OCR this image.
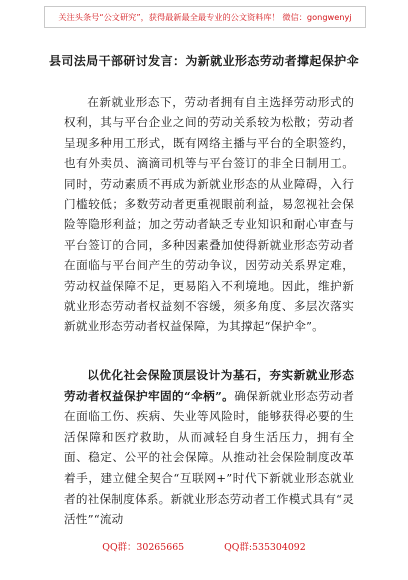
关注头条号“公文研究”，获得最新最全最专业的公文资料库！ 微信：gongwenyj
县司法局干部研讨发言：为新就业形态劳动者撑起保护伞
在新就业形态下，劳动者拥有自主选择劳动形式的权利，其与平台企业之间的劳动关系较为松散；劳动者呈现多种用工形式，既有网络主播与平台的全职签约，也有外卖员、滴滴司机等与平台签订的非全日制用工。同时，劳动素质不再成为新就业形态的从业障碍，入行门槛较低；多数劳动者更重视眼前利益，易忽视社会保险等隐形利益；加之劳动者缺乏专业知识和耐心审查与平台签订的合同，多种因素叠加使得新就业形态劳动者在面临与平台间产生的劳动争议，因劳动关系界定难，劳动权益保障不足，更易陷入不利境地。因此，维护新就业形态劳动者权益刻不容缓，须多角度、多层次落实新就业形态劳动者权益保障，为其撑起“保护伞”。
以优化社会保险顶层设计为基石，夯实新就业形态劳动者权益保护牢固的“伞柄”。确保新就业形态劳动者在面临工伤、疾病、失业等风险时，能够获得必要的生活保障和医疗救助，从而减轻自身生活压力，拥有全面、稳定、公平的社会保障。从推动社会保险制度改革着手，建立健全契合“互联网+”时代下新就业形态就业者的社保制度体系。新就业形态劳动者工作模式具有“灵活性”“流动
QQ群：30265665	QQ群:535304092
